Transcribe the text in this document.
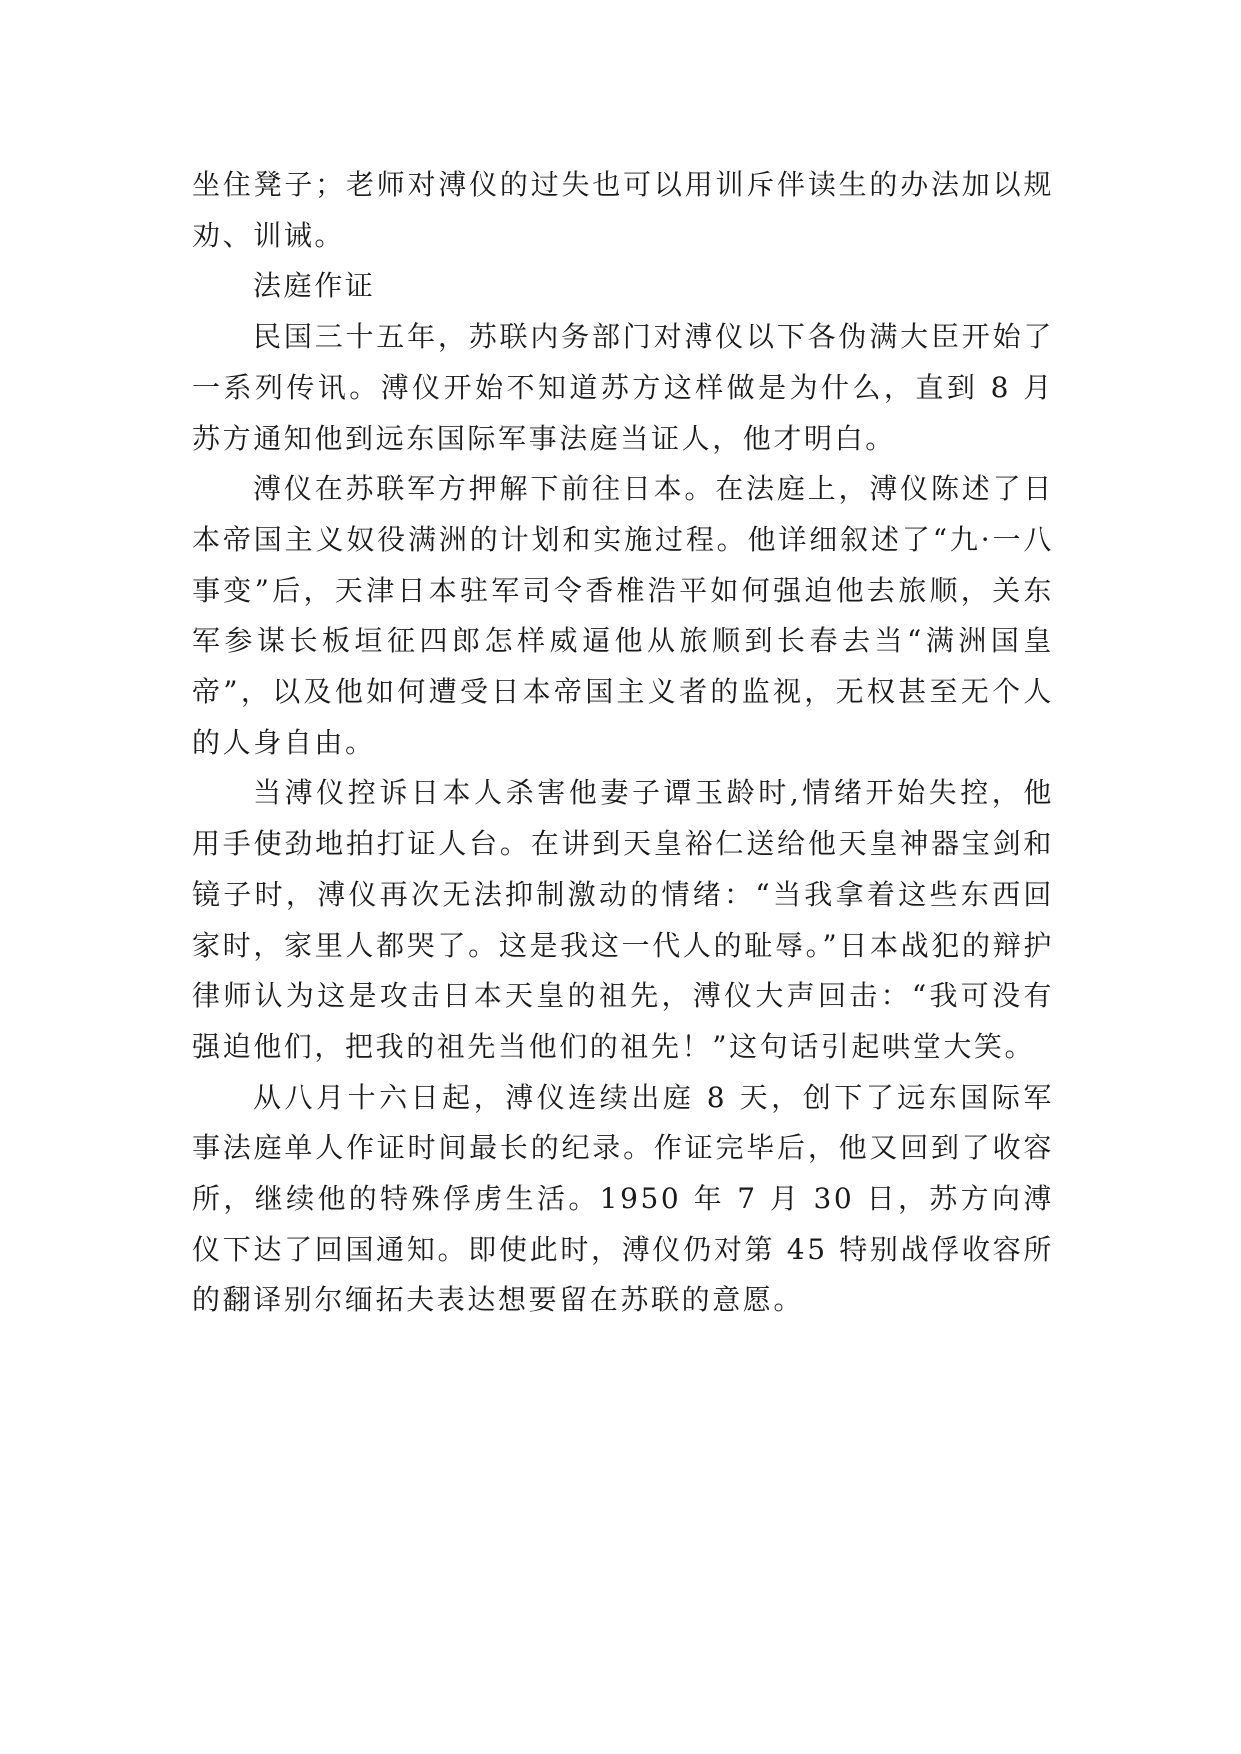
坐住凳子；老师对溥仪的过失也可以用训斥伴读生的办法加以规劝、训诫。

法庭作证

民国三十五年，苏联内务部门对溥仪以下各伪满大臣开始了一系列传讯。溥仪开始不知道苏方这样做是为什么，直到 8 月苏方通知他到远东国际军事法庭当证人，他才明白。

溥仪在苏联军方押解下前往日本。在法庭上，溥仪陈述了日本帝国主义奴役满洲的计划和实施过程。他详细叙述了“九·一八事变”后，天津日本驻军司令香椎浩平如何强迫他去旅顺，关东军参谋长板垣征四郎怎样威逼他从旅顺到长春去当“满洲国皇帝”，以及他如何遭受日本帝国主义者的监视，无权甚至无个人的人身自由。

当溥仪控诉日本人杀害他妻子谭玉龄时,情绪开始失控，他用手使劲地拍打证人台。在讲到天皇裕仁送给他天皇神器宝剑和镜子时，溥仪再次无法抑制激动的情绪：“当我拿着这些东西回家时，家里人都哭了。这是我这一代人的耻辱。”日本战犯的辩护律师认为这是攻击日本天皇的祖先，溥仪大声回击：“我可没有强迫他们，把我的祖先当他们的祖先！”这句话引起哄堂大笑。

从八月十六日起，溥仪连续出庭 8 天，创下了远东国际军事法庭单人作证时间最长的纪录。作证完毕后，他又回到了收容所，继续他的特殊俘虏生活。1950 年 7 月 30 日，苏方向溥仪下达了回国通知。即使此时，溥仪仍对第 45 特别战俘收容所的翻译别尔缅拓夫表达想要留在苏联的意愿。
